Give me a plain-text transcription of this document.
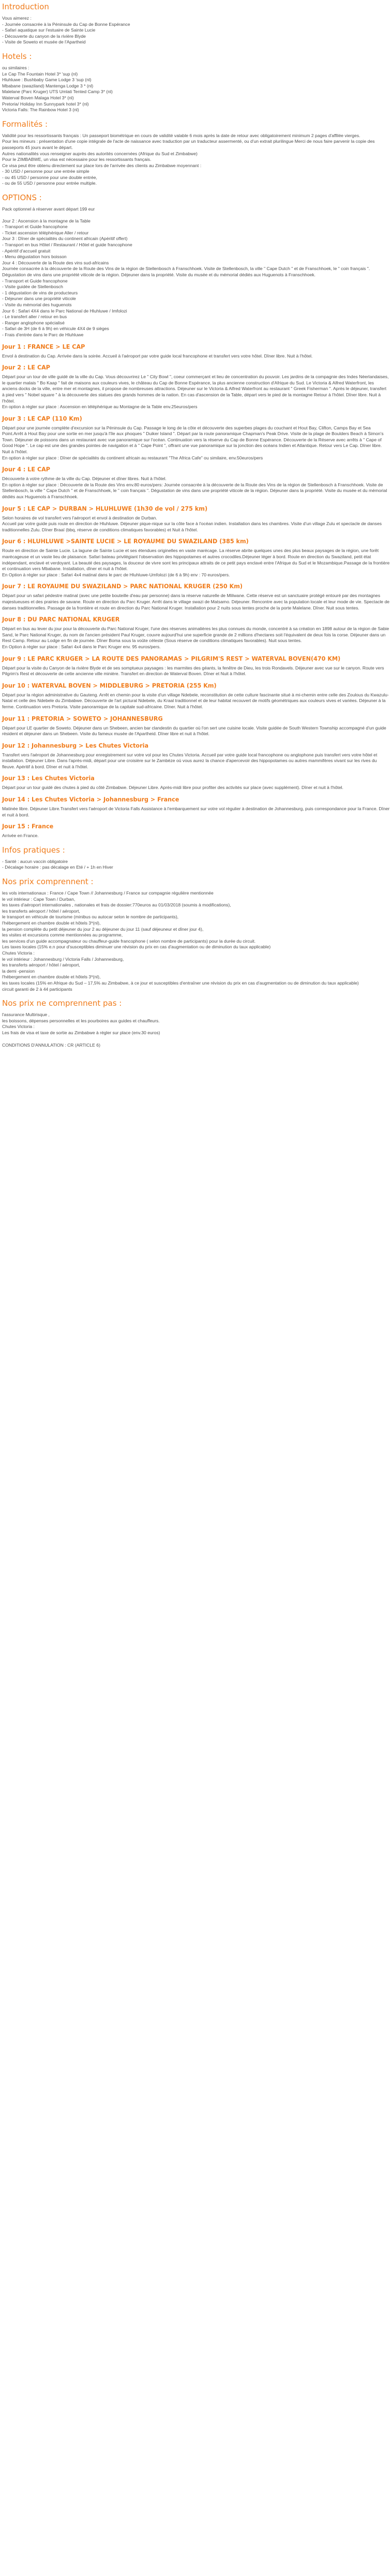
Introduction

Vous aimerez :

- Journée consacrée à la Péninsule du Cap de Bonne Espérance

- Safari aquatique sur l'estuaire de Sainte Lucie

- Découverte du canyon de la rivière Blyde

- Visite de Soweto et musée de l'Apartheid

Hotels :

ou similaires :

Le Cap The Fountain Hotel 3* 'sup (nl)

Hluhluwe : Bushbaby Game Lodge 3 'sup (nl)

Mbabane (swaziland) Mantenga Lodge 3 * (nl)

Malelane (Parc Kruger) UTS Umlati Tented Camp 3* (nl)

Waterval Boven Malaga Hotel 3* (nl)

Pretoria/ Holiday Inn Sunnypark hotel 3* (nl)

Victoria Falls: The Rainbow Hotel 3 (nl)

Formalités :

Validité pour les ressortissants français : Un passeport biométrique en cours de validité valable 6 mois après la date de retour avec obligatoirement minimum 2 pages d'affilée vierges.

Pour les mineurs : présentation d'une copie intégrale de l'acte de naissance avec traduction par un traducteur assermenté, ou d'un extrait plurilingue Merci de nous faire parvenir la copie des passeports 45 jours avant le départ.

Autres nationalités vous renseigner auprès des autorités concernées (Afrique du Sud et Zimbabwe)

Pour le ZIMBABWE, un visa est nécessaire pour les ressortissants français.

Ce visa peut être obtenu directement sur place lors de l'arrivée des clients au Zimbabwe moyennant :

- 30 USD / personne pour une entrée simple

- ou 45 USD / personne pour une double entrée,

- ou de 55 USD / personne pour entrée multiple.

OPTIONS :

Pack optionnel à réserver avant départ 199 eur

Jour 2 : Ascension à la montagne de la Table

- Transport et Guide francophone

- Ticket ascension téléphérique Aller / retour

Jour 3 : Dîner de spécialités du continent africain (Apéritif offert)

- Transport en bus Hôtel / Restaurant / Hôtel et guide francophone

- Apéritif d'accueil gratuit

- Menu dégustation hors boisson

Jour 4 : Découverte de la Route des vins sud-africains

Journée consacrée à la découverte de la Route des Vins de la région de Stellenbosch à Franschhoek. Visite de Stellenbosch, la ville " Cape Dutch " et de Franschhoek, le " coin français ". Dégustation de vins dans une propriété viticole de la région. Déjeuner dans la propriété. Visite du musée et du mémorial dédiés aux Huguenots à Franschhoek.

- Transport et Guide francophone

- Visite guidée de Stellenbosch

- 1 dégustation de vins de producteurs

- Déjeuner dans une propriété viticole

- Visite du mémorial des huguenots

Jour 6 : Safari 4X4 dans le Parc National de Hluhluwe / Imfolozi

- Le transfert aller / retour en bus

- Ranger anglophone spécialisé

- Safari de 3H (de 6 à 9h) en véhicule 4X4 de 9 sièges

- Frais d'entrée dans le Parc de Hluhluwe

Jour 1 : FRANCE > LE CAP

Envol à destination du Cap. Arrivée dans la soirée. Accueil à l'aéroport par votre guide local francophone et transfert vers votre hôtel. Dîner libre. Nuit à l'hôtel.

Jour 2 : LE CAP

Départ pour un tour de ville guidé de la ville du Cap. Vous découvrirez Le " City Bowl ", coeur commerçant et lieu de concentration du pouvoir. Les jardins de la compagnie des Indes Néerlandaises, le quartier malais " Bo Kaap " fait de maisons aux couleurs vives, le château du Cap de Bonne Espérance, la plus ancienne construction d'Afrique du Sud. Le Victoria & Alfred Waterfront, les anciens docks de la ville, entre mer et montagnes, il propose de nombreuses attractions. Déjeuner sur le Victoria & Alfred Waterfront au restaurant " Greek Fisherman ". Après le déjeuner, transfert à pied vers " Nobel square " à la découverte des statues des grands hommes de la nation. En cas d'ascension de la Table, départ vers le pied de la montagne Retour à l'hôtel. Dîner libre. Nuit à l'hôtel.

En option à régler sur place : Ascension en téléphérique au Montagne de la Table env.25euros/pers

Jour 3 : LE CAP (110 Km)

Départ pour une journée complète d'excursion sur la Péninsule du Cap. Passage le long de la côte et découverte des superbes plages du couchant et Hout Bay, Clifton, Camps Bay et Sea Point.Arrêt à Hout Bay pour une sortie en mer jusqu'à l'île aux phoques " Duiker Island ". Départ par la route panoramique Chapman's Peak Drive. Visite de la plage de Boulders Beach à Simon's Town. Déjeuner de poissons dans un restaurant avec vue panoramique sur l'océan. Continuation vers la réserve du Cap de Bonne Espérance. Découverte de la Réserve avec arrêts à " Cape of Good Hope ". Le cap est une des grandes pointes de navigation et à " Cape Point ", offrant une vue panoramique sur la jonction des océans Indien et Atlantique. Retour vers Le Cap. Dîner libre. Nuit à l'hôtel.

En option à régler sur place : Dîner de spécialités du continent africain au restaurant "The Africa Cafe" ou similaire, env.50euros/pers

Jour 4 : LE CAP

Découverte à votre rythme de la ville du Cap. Déjeuner et dîner libres. Nuit à l'hôtel.

En option à régler sur place : Découverte de la Route des Vins env.80 euros/pers: Journée consacrée à la découverte de la Route des Vins de la région de Stellenbosch à Franschhoek. Visite de Stellenbosch, la ville " Cape Dutch " et de Franschhoek, le " coin français ". Dégustation de vins dans une propriété viticole de la région. Déjeuner dans la propriété. Visite du musée et du mémorial dédiés aux Huguenots à Franschhoek.

Jour 5 : LE CAP > DURBAN > HLUHLUWE (1h30 de vol / 275 km)

Selon horaires de vol transfert vers l'aéroport et envol à destination de Durban.

Accueil par votre guide puis route en direction de Hluhluwe. Déjeuner pique-nique sur la côte face à l'océan indien. Installation dans les chambres. Visite d'un village Zulu et spectacle de danses traditionnelles Zulu. Dîner Braaï (bbq, réserve de conditions climatiques favorables) et Nuit à l'hôtel.

Jour 6 : HLUHLUWE >SAINTE LUCIE > LE ROYAUME DU SWAZILAND (385 km)

Route en direction de Sainte Lucie. La lagune de Sainte Lucie et ses étendues originelles en vaste marécage. La réserve abrite quelques unes des plus beaux paysages de la région, une forêt marécageuse et un vaste lieu de plaisance. Safari bateau privilégiant l'observation des hippopotames et autres crocodiles.Déjeuner léger à bord. Route en direction du Swaziland, petit état indépendant, enclavé et verdoyant. La beauté des paysages, la douceur de vivre sont les principaux attraits de ce petit pays enclavé entre l'Afrique du Sud et le Mozambique.Passage de la frontière et continuation vers Mbabane. Installation, dîner et nuit à l'hôtel.

En Option à régler sur place : Safari 4x4 matinal dans le parc de Hluhluwe-Umfolozi (de 6 à 9h) env : 70 euros/pers.

Jour 7 : LE ROYAUME DU SWAZILAND > PARC NATIONAL KRUGER (250 Km)

Départ pour un safari pédestre matinal (avec une petite bouteille d'eau par personne) dans la réserve naturelle de Mlilwane. Cette réserve est un sanctuaire protégé entouré par des montagnes majestueuses et des prairies de savane. Route en direction du Parc Kruger. Arrêt dans le village swazi de Matsamo. Déjeuner. Rencontre avec la population locale et leur mode de vie. Spectacle de danses traditionnelles. Passage de la frontière et route en direction du Parc National Kruger. Installation pour 2 nuits sous tentes proche de la porte Malelane. Dîner. Nuit sous tentes.

Jour 8 : DU PARC NATIONAL KRUGER

Départ en bus au lever du jour pour la découverte du Parc National Kruger, l'une des réserves animalières les plus connues du monde, concentré à sa création en 1898 autour de la région de Sabie Sand, le Parc National Kruger, du nom de l'ancien président Paul Kruger, couvre aujourd'hui une superficie grande de 2 millions d'hectares soit l'équivalent de deux fois la corse. Déjeuner dans un Rest Camp. Retour au Lodge en fin de journée. Dîner Boma sous la voûte céleste (Sous réserve de conditions climatiques favorables). Nuit sous tentes.

En Option à régler sur place : Safari 4x4 dans le Parc Kruger env. 95 euros/pers.

Jour 9 : LE PARC KRUGER > LA ROUTE DES PANORAMAS > PILGRIM'S REST > WATERVAL BOVEN(470 KM)

Départ pour la visite du Canyon de la rivière Blyde et de ses somptueux paysages : les marmites des géants, la fenêtre de Dieu, les trois Rondavels. Déjeuner avec vue sur le canyon. Route vers Pilgrim's Rest et découverte de cette ancienne ville minière. Transfert en direction de Waterval Boven. Dîner et Nuit à l'hôtel.

Jour 10 : WATERVAL BOVEN > MIDDLEBURG > PRETORIA (255 Km)

Départ pour la région administrative du Gauteng. Arrêt en chemin pour la visite d'un village Ndebele, reconstitution de cette culture fascinante situé à mi-chemin entre celle des Zoulous du Kwazulu-Natal et celle des Ndebele du Zimbabwe. Découverte de l'art pictural Ndebele, du Kraal traditionnel et de leur habitat recouvert de motifs géométriques aux couleurs vives et variées. Déjeuner à la ferme. Continuation vers Pretoria. Visite panoramique de la capitale sud-africaine. Dîner. Nuit à l'hôtel.

Jour 11 : PRETORIA > SOWETO > JOHANNESBURG

Départ pour LE quartier de Soweto. Déjeuner dans un Shebeen, ancien bar clandestin du quartier où l'on sert une cuisine locale. Visite guidée de South Western Township accompagné d'un guide résident et déjeuner dans un Shebeen. Visite du fameux musée de l'Apartheid. Dîner libre et nuit à l'hôtel.

Jour 12 : Johannesburg > Les Chutes Victoria

Transfert vers l'aéroport de Johannesburg pour enregistrement sur votre vol pour les Chutes Victoria. Accueil par votre guide local francophone ou anglophone puis transfert vers votre hôtel et installation. Déjeuner Libre. Dans l'après-midi, départ pour une croisière sur le Zambèze où vous aurez la chance d'apercevoir des hippopotames ou autres mammifères vivant sur les rives du fleuve. Apéritif à bord. Dîner et nuit à l'hôtel.

Jour 13 : Les Chutes Victoria

Départ pour un tour guidé des chutes à pied du côté Zimbabwe. Déjeuner Libre. Après-midi libre pour profiter des activités sur place (avec supplément). Dîner et nuit à l'hôtel.

Jour 14 : Les Chutes Victoria > Johannesburg > France

Matinée libre. Déjeuner Libre.Transfert vers l'aéroport de Victoria Falls Assistance à l'embarquement sur votre vol régulier à destination de Johannesburg, puis correspondance pour la France. Dîner et nuit à bord.

Jour 15 : France

Arrivée en France.

Infos pratiques :

- Santé : aucun vaccin obligatoire

- Décalage horaire : pas décalage en Eté / + 1h en Hiver

Nos prix comprennent :

les vols internationaux : France / Cape Town // Johannesburg / France sur compagnie régulière mentionnée

le vol intérieur : Cape Town / Durban,

les taxes d'aéroport internationales , nationales et frais de dossier:770euros au 01/03/2018 (soumis à modifications),

les transferts aéroport / hôtel / aéroport,

le transport en véhicule de tourisme (minibus ou autocar selon le nombre de participants),

l'hébergement en chambre double et hôtels 3*(nl),

la pension complète du petit déjeuner du jour 2 au déjeuner du jour 11 (sauf déjeuneur et dîner jour 4),

les visites et excursions comme mentionnées au programme,

les services d'un guide accompagnateur ou chauffeur-guide francophone ( selon nombre de participants) pour la durée du circuit.

Les taxes locales (15% e.n pour d'susceptibles diminuer une révision du prix en cas d'augmentation ou de diminution du taux applicable)

Chutes Victoria :

le vol intérieur : Johannesburg / Victoria Falls / Johannesburg,

les transferts aéroport / hôtel / aéroport,

la demi -pension

l'hébergement en chambre double et hôtels 3*(nl),

les taxes locales (15% en Afrique du Sud – 17,5% au Zimbabwe, à ce jour et susceptibles d'entraîner une révision du prix en cas d'augmentation ou de diminution du taux applicable)

circuit garanti de 2 à 44 participants

Nos prix ne comprennent pas :

l'assurance Multirisque ,

les boissons, dépenses personnelles et les pourboires aux guides et chauffeurs.

Chutes Victoria :

Les frais de visa et taxe de sortie au Zimbabwe à régler sur place (env.30 euros)

CONDITIONS D'ANNULATION : CR (ARTICLE 6)
